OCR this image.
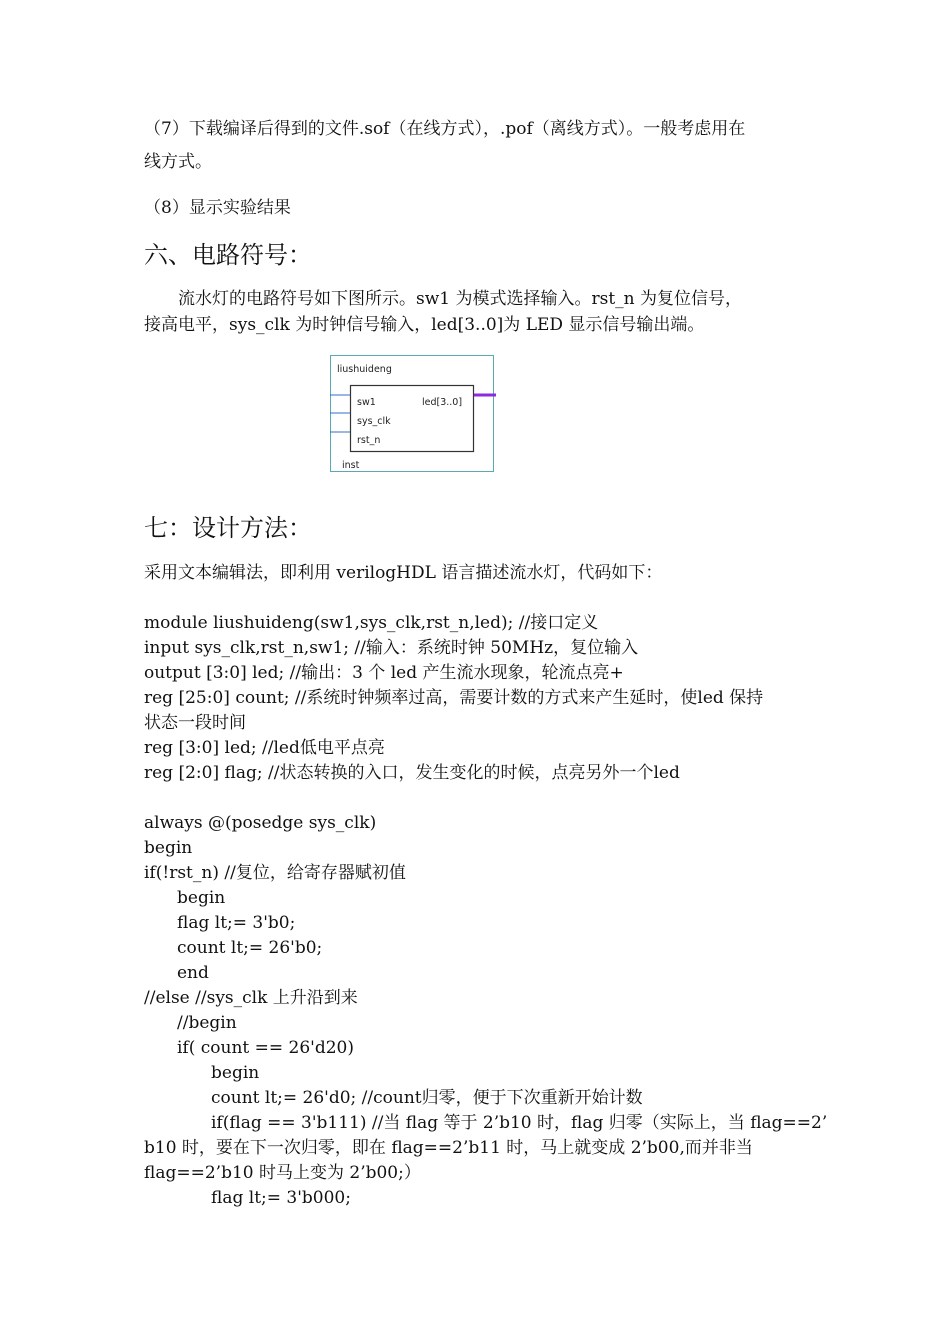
（7）下载编译后得到的文件.sof（在线方式），.pof（离线方式）。一般考虑用在
线方式。
（8）显示实验结果
六、电路符号：
　　流水灯的电路符号如下图所示。sw1 为模式选择输入。rst_n 为复位信号，
接高电平，sys_clk 为时钟信号输入，led[3..0]为 LED 显示信号输出端。
liushuideng
sw1
sys_clk
rst_n
led[3..0]
inst
七：设计方法：
采用文本编辑法，即利用 verilogHDL 语言描述流水灯，代码如下：
module liushuideng(sw1,sys_clk,rst_n,led); //接口定义
input sys_clk,rst_n,sw1; //输入：系统时钟 50MHz，复位输入
output [3:0] led; //输出：3 个 led 产生流水现象，轮流点亮+
reg [25:0] count; //系统时钟频率过高，需要计数的方式来产生延时，使led 保持
状态一段时间
reg [3:0] led; //led低电平点亮
reg [2:0] flag; //状态转换的入口，发生变化的时候，点亮另外一个led
always @(posedge sys_clk)
begin
if(!rst_n) //复位，给寄存器赋初值
begin
flag lt;= 3'b0;
count lt;= 26'b0;
end
//else //sys_clk 上升沿到来
//begin
if( count == 26'd20)
begin
count lt;= 26'd0; //count归零，便于下次重新开始计数
if(flag == 3'b111) //当 flag 等于 2’b10 时，flag 归零（实际上，当 flag==2’
b10 时，要在下一次归零，即在 flag==2’b11 时，马上就变成 2’b00,而并非当
flag==2’b10 时马上变为 2’b00;）
flag lt;= 3'b000;
